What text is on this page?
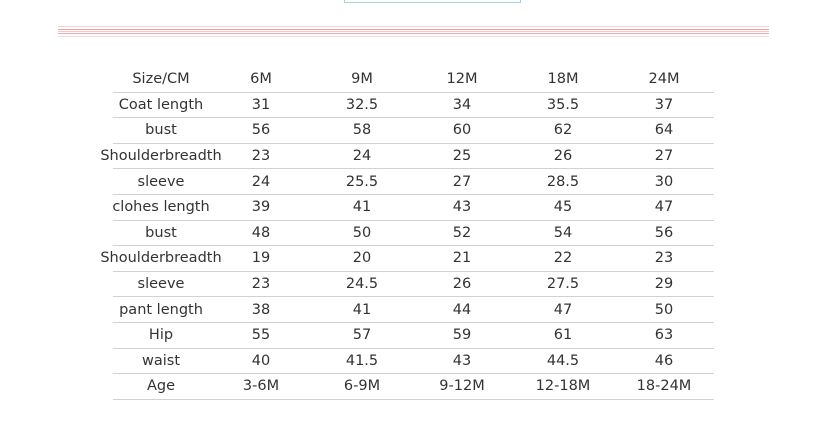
Size/CM	6M	9M	12M	18M	24M
Coat length	31	32.5	34	35.5	37
bust	56	58	60	62	64
Shoulderbreadth 23	24	25	26	27
sleeve	24	25.5	27	28.5	30
clohes length	39	41	43	45	47
bust	48	50	52	54	56
Shoulderbreadth 19	20	21	22	23
sleeve	23	24.5	26	27.5	29
pant length	38	41	44	47	50
Hip	55	57	59	61	63
waist	40	41.5	43	44.5	46
Age	3-6M	6-9M	9-12M	12-18M	18-24M
